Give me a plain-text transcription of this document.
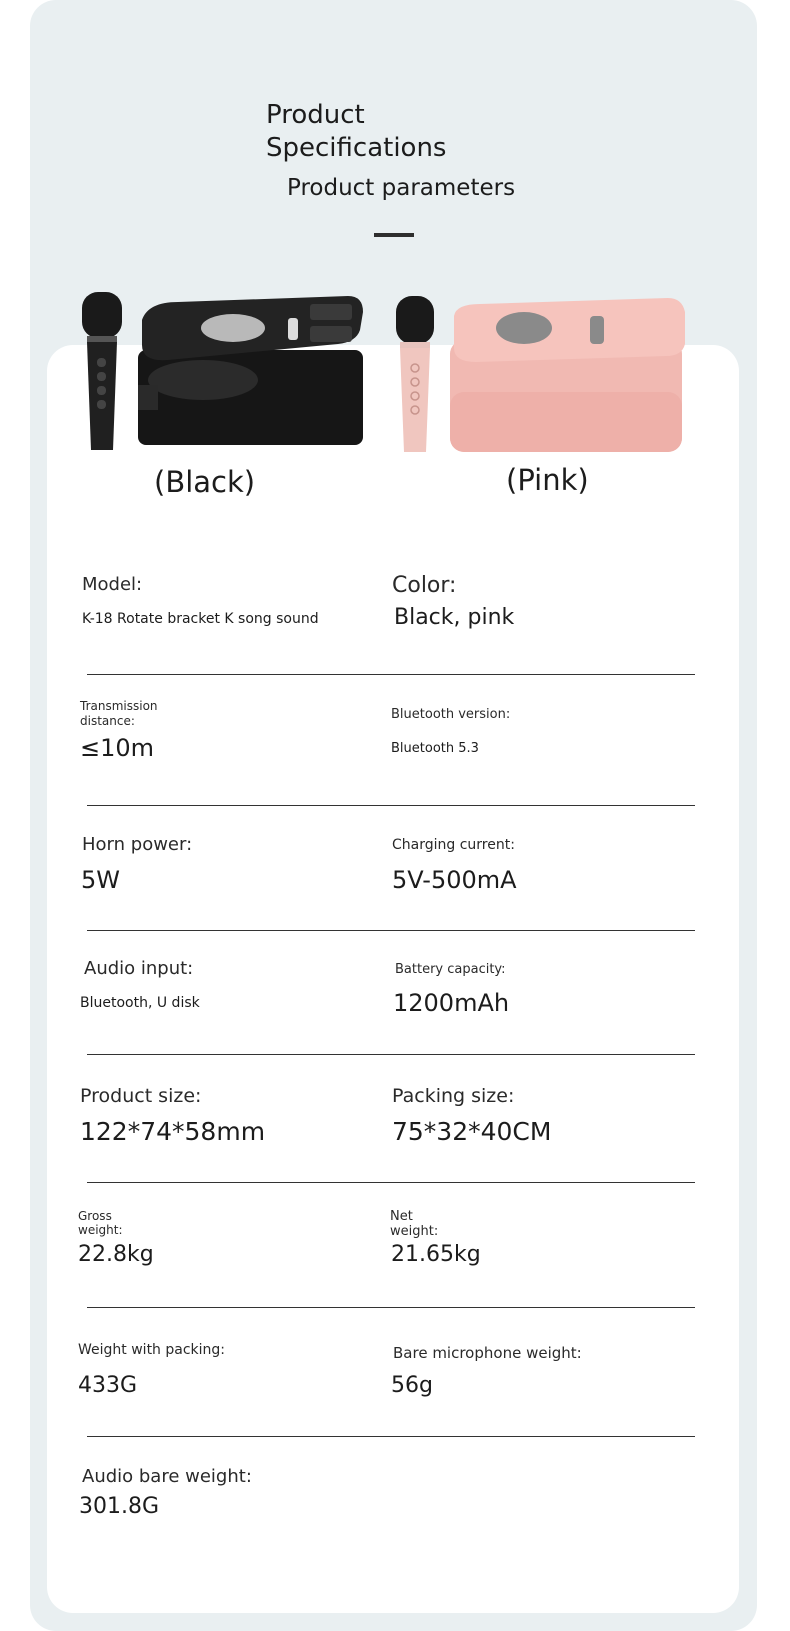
Product
Specifications
Product parameters
(Black)	(Pink)
Model:
K-18 Rotate bracket K song sound
Color:
Black, pink
Transmission
distance:
≤10m
Bluetooth version:
Bluetooth 5.3
Horn power:
5W
Charging current:
5V-500mA
Audio input:
Bluetooth, U disk
Battery capacity:
1200mAh
Product size:
122*74*58mm
Packing size:
75*32*40CM
Gross
weight:
22.8kg
Net
weight:
21.65kg
Weight with packing:
433G
Bare microphone weight:
56g
Audio bare weight:
301.8G
